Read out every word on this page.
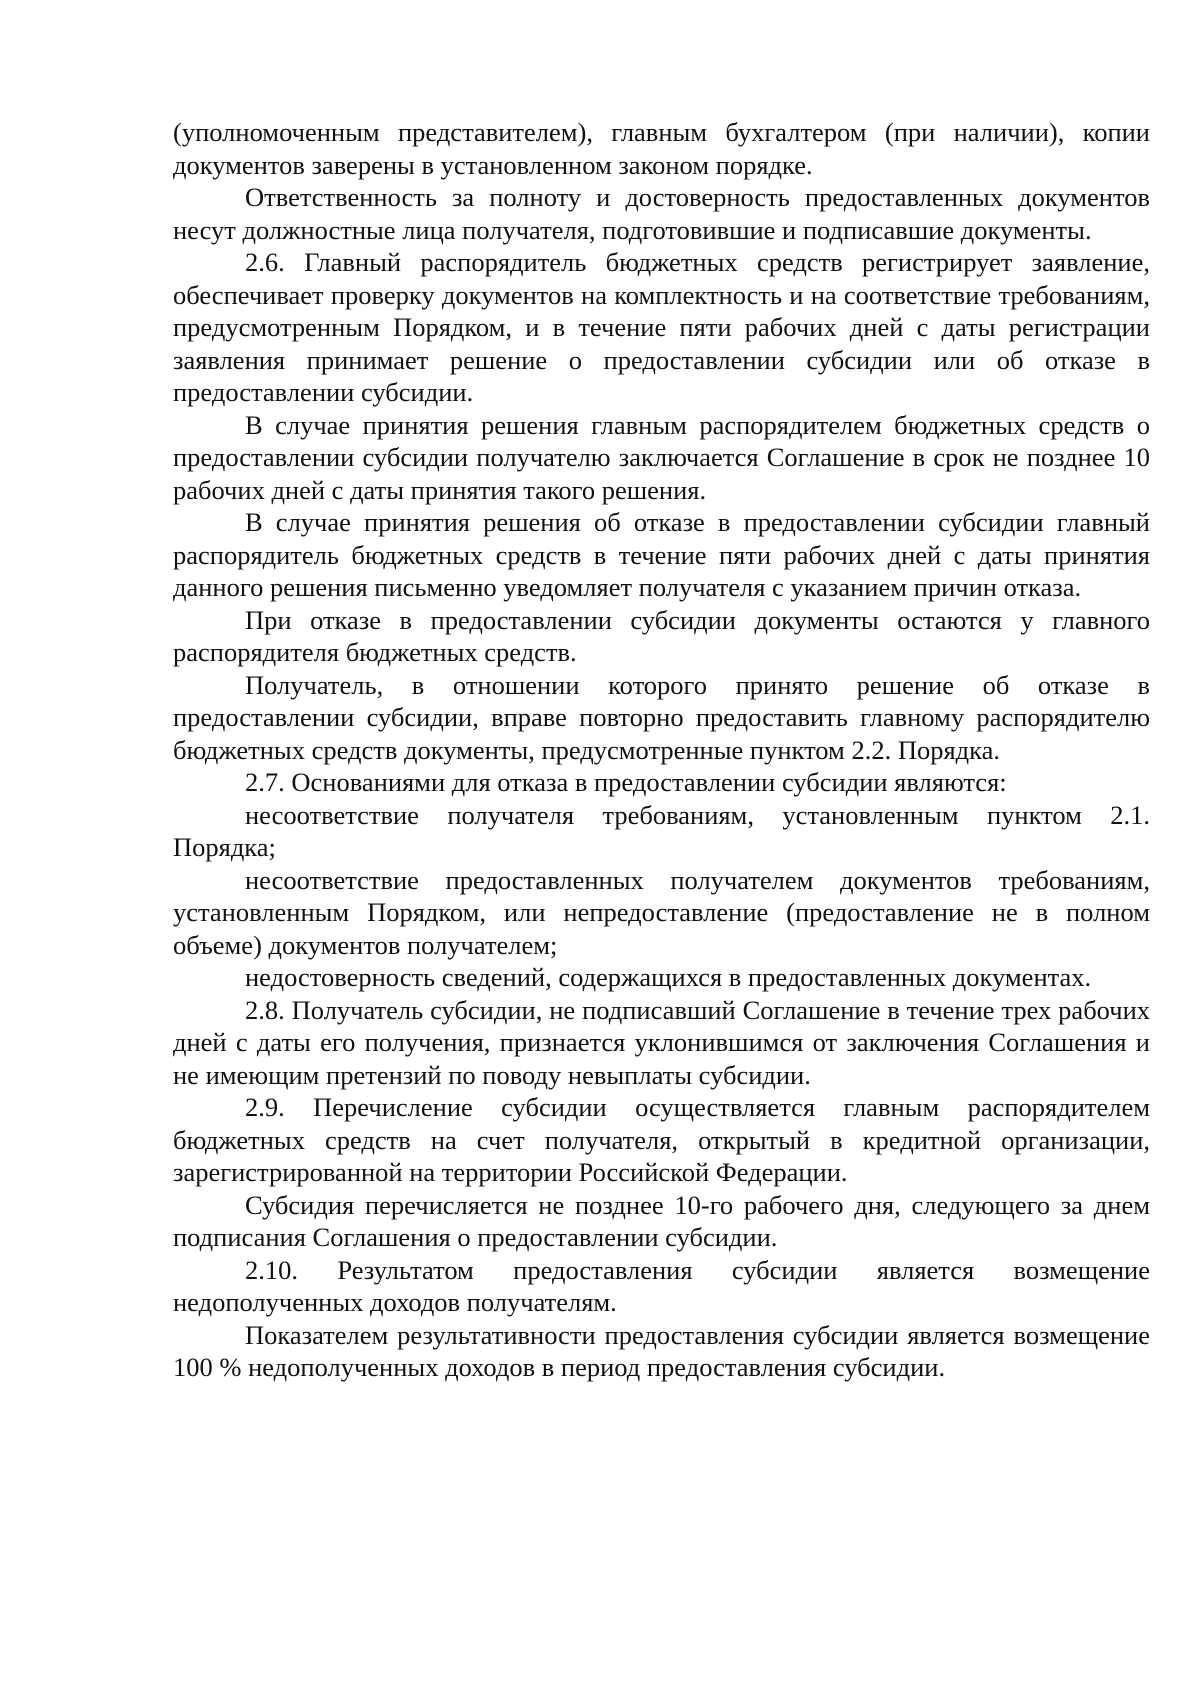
(уполномоченным представителем), главным бухгалтером (при наличии), копии документов заверены в установленном законом порядке.

Ответственность за полноту и достоверность предоставленных документов несут должностные лица получателя, подготовившие и подписавшие документы.

2.6. Главный распорядитель бюджетных средств регистрирует заявление, обеспечивает проверку документов на комплектность и на соответствие требованиям, предусмотренным Порядком, и в течение пяти рабочих дней с даты регистрации заявления принимает решение о предоставлении субсидии или об отказе в предоставлении субсидии.

В случае принятия решения главным распорядителем бюджетных средств о предоставлении субсидии получателю заключается Соглашение в срок не позднее 10 рабочих дней с даты принятия такого решения.

В случае принятия решения об отказе в предоставлении субсидии главный распорядитель бюджетных средств в течение пяти рабочих дней с даты принятия данного решения письменно уведомляет получателя с указанием причин отказа.

При отказе в предоставлении субсидии документы остаются у главного распорядителя бюджетных средств.

Получатель, в отношении которого принято решение об отказе в предоставлении субсидии, вправе повторно предоставить главному распорядителю бюджетных средств документы, предусмотренные пунктом 2.2. Порядка.

2.7. Основаниями для отказа в предоставлении субсидии являются:

несоответствие получателя требованиям, установленным пунктом 2.1. Порядка;

несоответствие предоставленных получателем документов требованиям, установленным Порядком, или непредоставление (предоставление не в полном объеме) документов получателем;

недостоверность сведений, содержащихся в предоставленных документах.

2.8. Получатель субсидии, не подписавший Соглашение в течение трех рабочих дней с даты его получения, признается уклонившимся от заключения Соглашения и не имеющим претензий по поводу невыплаты субсидии.

2.9. Перечисление субсидии осуществляется главным распорядителем бюджетных средств на счет получателя, открытый в кредитной организации, зарегистрированной на территории Российской Федерации.

Субсидия перечисляется не позднее 10-го рабочего дня, следующего за днем подписания Соглашения о предоставлении субсидии.

2.10. Результатом предоставления субсидии является возмещение недополученных доходов получателям.

Показателем результативности предоставления субсидии является возмещение 100 % недополученных доходов в период предоставления субсидии.
